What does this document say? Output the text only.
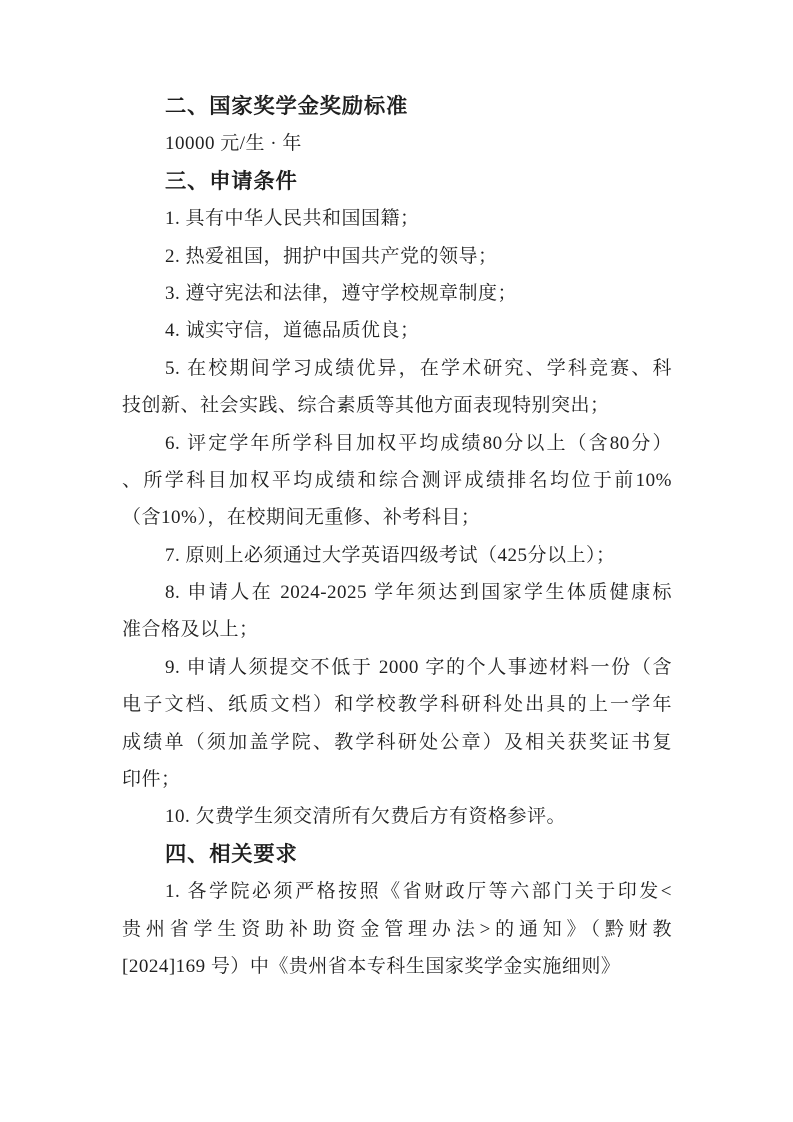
二、国家奖学金奖励标准
10000 元/生 · 年
三、申请条件
1. 具有中华人民共和国国籍；
2. 热爱祖国，拥护中国共产党的领导；
3. 遵守宪法和法律，遵守学校规章制度；
4. 诚实守信，道德品质优良；
5. 在校期间学习成绩优异，在学术研究、学科竞赛、科
技创新、社会实践、综合素质等其他方面表现特别突出；
6. 评定学年所学科目加权平均成绩80分以上（含80分）
、所学科目加权平均成绩和综合测评成绩排名均位于前10%
（含10%），在校期间无重修、补考科目；
7. 原则上必须通过大学英语四级考试（425分以上）；
8. 申请人在 2024-2025 学年须达到国家学生体质健康标
准合格及以上；
9. 申请人须提交不低于 2000 字的个人事迹材料一份（含
电子文档、纸质文档）和学校教学科研科处出具的上一学年
成绩单（须加盖学院、教学科研处公章）及相关获奖证书复
印件；
10. 欠费学生须交清所有欠费后方有资格参评。
四、相关要求
1. 各学院必须严格按照《省财政厅等六部门关于印发<
贵州省学生资助补助资金管理办法>的通知》（黔财教
[2024]169 号）中《贵州省本专科生国家奖学金实施细则》
